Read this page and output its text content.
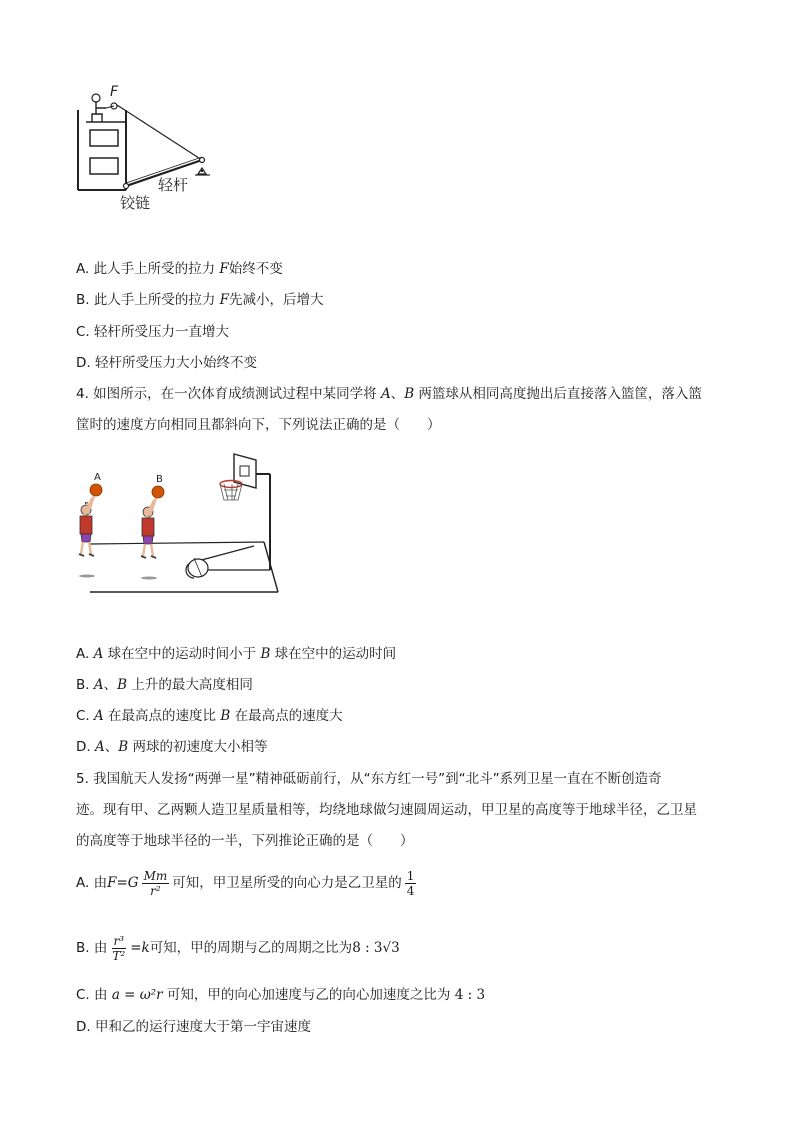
F
轻杆
铰链
A. 此人手上所受的拉力 F始终不变
B. 此人手上所受的拉力 F先减小，后增大
C. 轻杆所受压力一直增大
D. 轻杆所受压力大小始终不变
4. 如图所示，在一次体育成绩测试过程中某同学将 A、B 两篮球从相同高度抛出后直接落入篮筐，落入篮
筐时的速度方向相同且都斜向下，下列说法正确的是（　　）
A	B
A. A 球在空中的运动时间小于 B 球在空中的运动时间
B. A、B 上升的最大高度相同
C. A 在最高点的速度比 B 在最高点的速度大
D. A、B 两球的初速度大小相等
5. 我国航天人发扬“两弹一星”精神砥砺前行，从“东方红一号”到“北斗”系列卫星一直在不断创造奇
迹。现有甲、乙两颗人造卫星质量相等，均绕地球做匀速圆周运动，甲卫星的高度等于地球半径，乙卫星
的高度等于地球半径的一半，下列推论正确的是（　　）
A. 由 F = G $\frac{Mm}{\text{r²}}$ 可知，甲卫星所受的向心力是乙卫星的 $\frac{1}{4}$
B. 由 $\frac{\text{r³}}{\text{T²}} = k$ 可知，甲的周期与乙的周期之比为 8 : 3√3
C. 由 a = ω²r 可知，甲的向心加速度与乙的向心加速度之比为 4 : 3
D. 甲和乙的运行速度大于第一宇宙速度
